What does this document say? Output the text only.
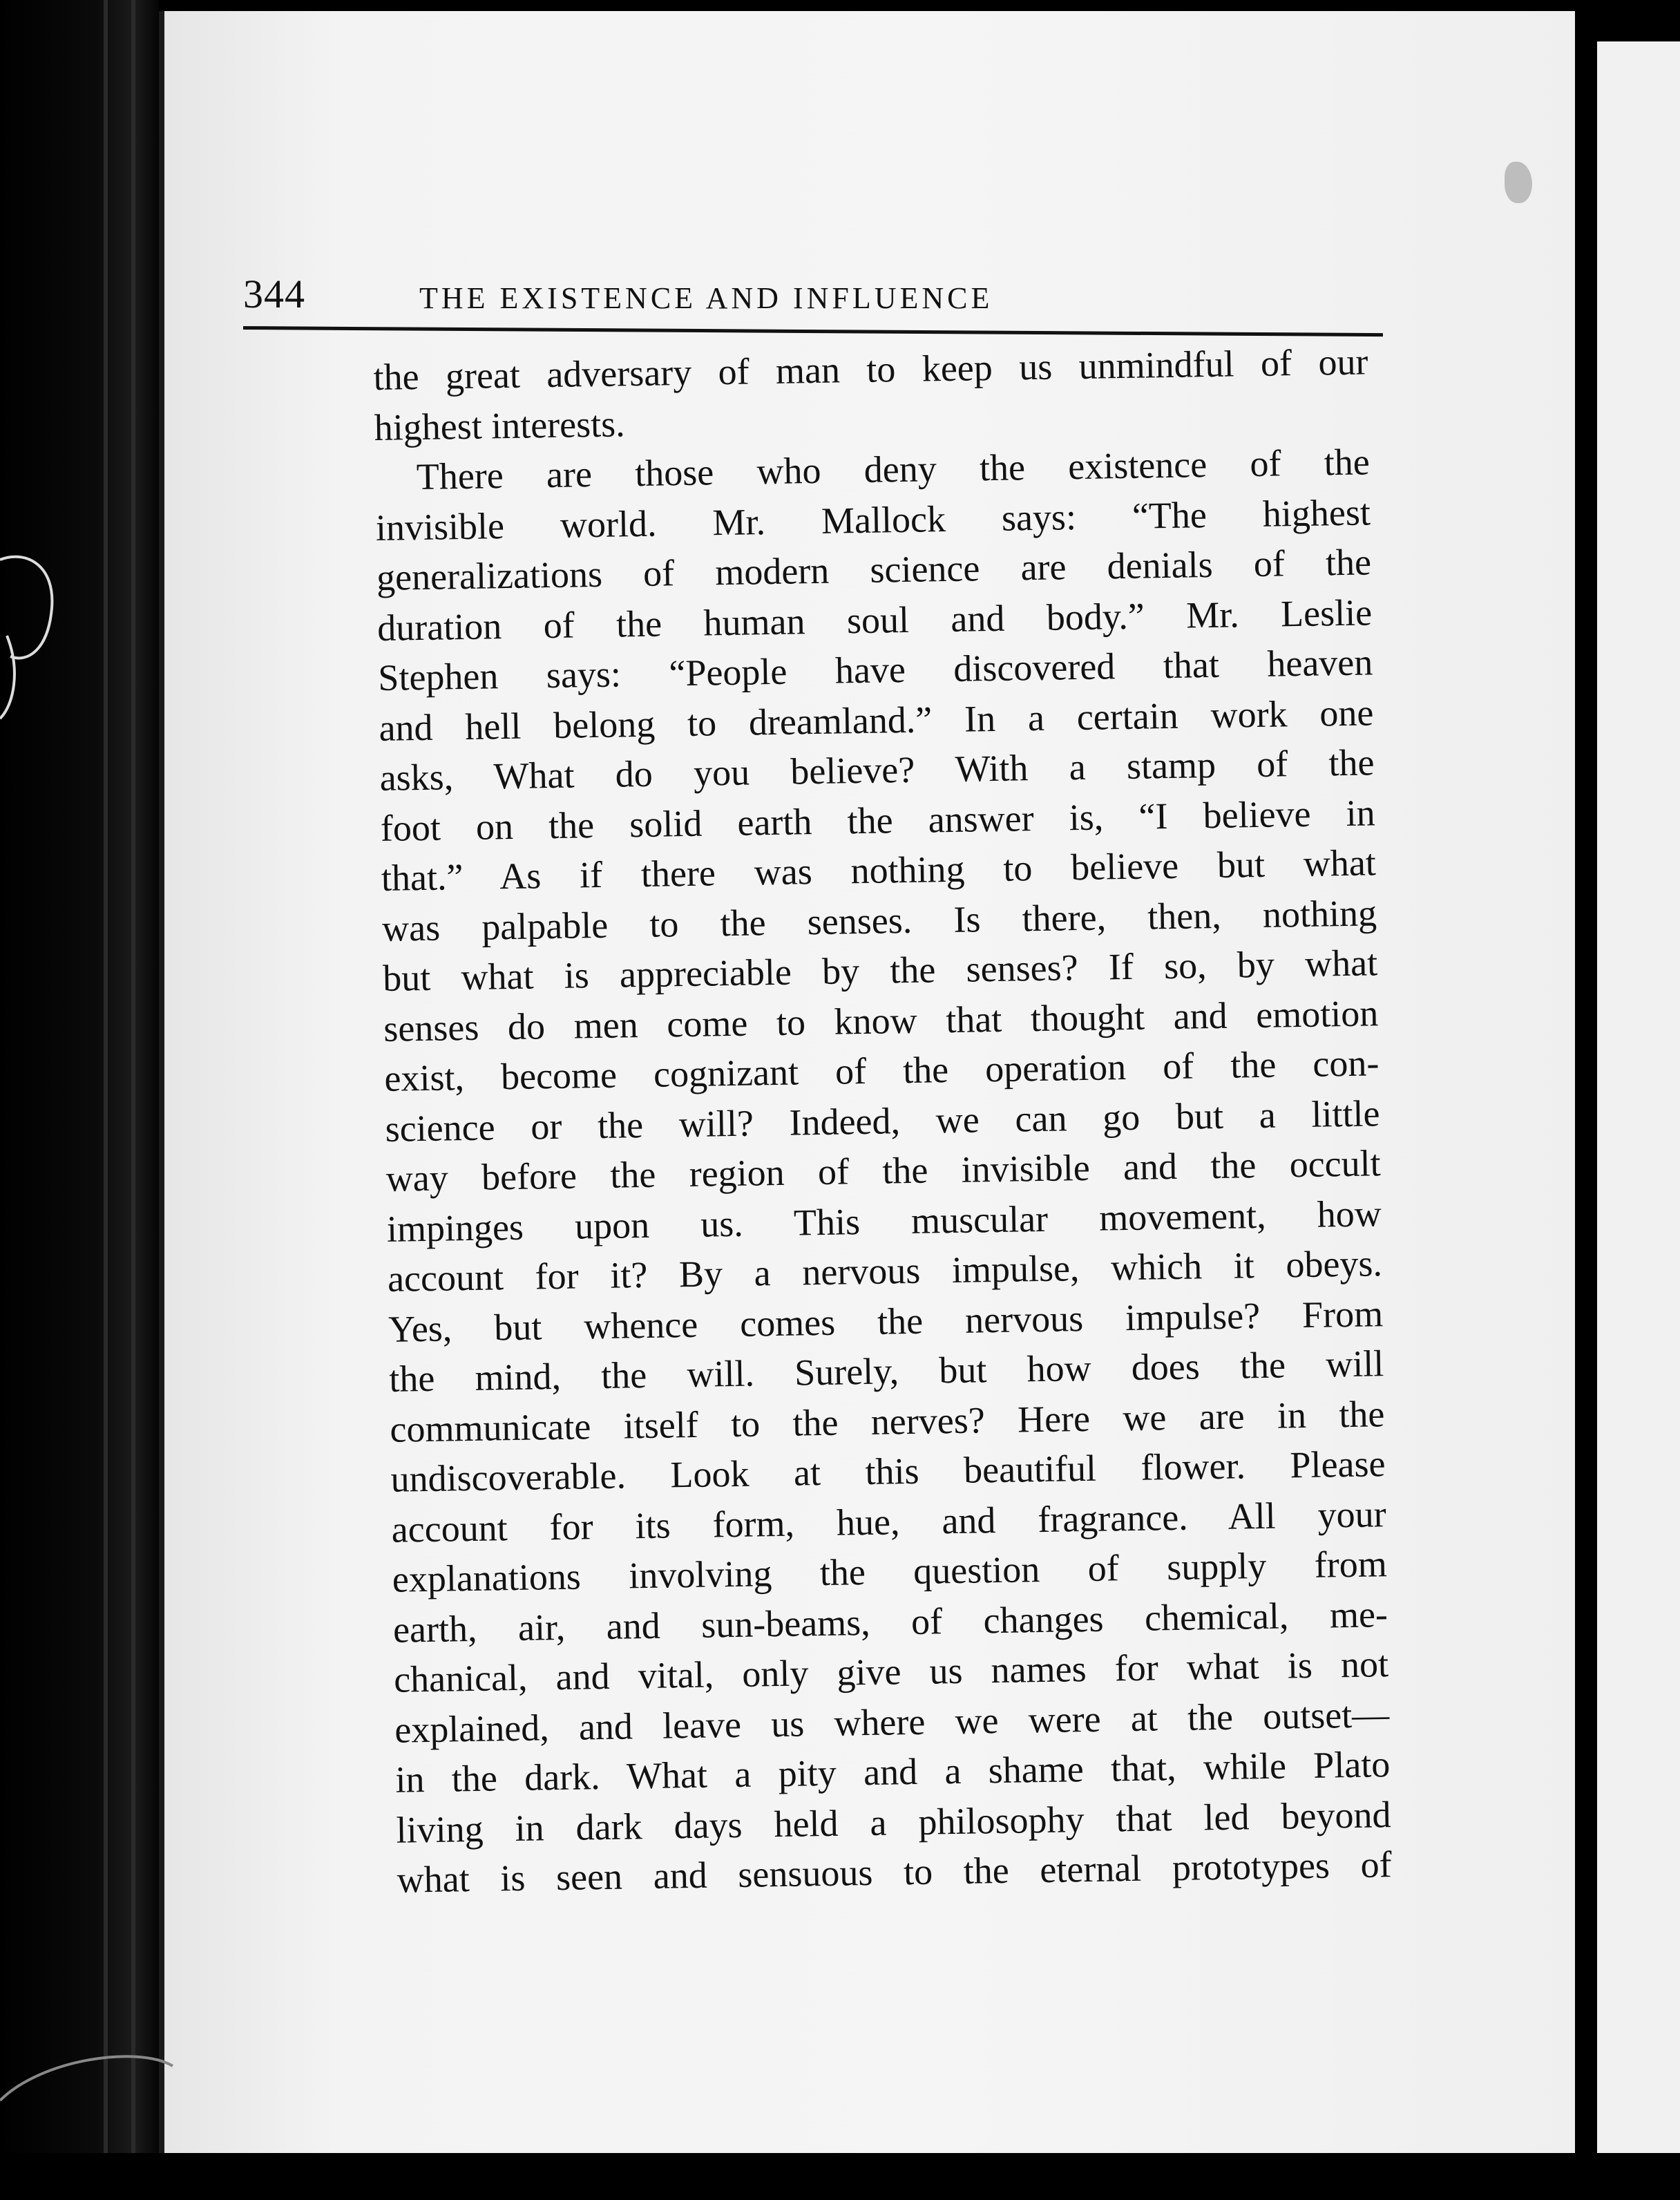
344	THE EXISTENCE AND INFLUENCE
the great adversary of man to keep us unmindful of our
highest interests.
There are those who deny the existence of the
invisible world. Mr. Mallock says: “The highest
generalizations of modern science are denials of the
duration of the human soul and body.” Mr. Leslie
Stephen says: “People have discovered that heaven
and hell belong to dreamland.” In a certain work one
asks, What do you believe? With a stamp of the
foot on the solid earth the answer is, “I believe in
that.” As if there was nothing to believe but what
was palpable to the senses. Is there, then, nothing
but what is appreciable by the senses? If so, by what
senses do men come to know that thought and emotion
exist, become cognizant of the operation of the con-
science or the will? Indeed, we can go but a little
way before the region of the invisible and the occult
impinges upon us. This muscular movement, how
account for it? By a nervous impulse, which it obeys.
Yes, but whence comes the nervous impulse? From
the mind, the will. Surely, but how does the will
communicate itself to the nerves? Here we are in the
undiscoverable. Look at this beautiful flower. Please
account for its form, hue, and fragrance. All your
explanations involving the question of supply from
earth, air, and sun-beams, of changes chemical, me-
chanical, and vital, only give us names for what is not
explained, and leave us where we were at the outset—
in the dark. What a pity and a shame that, while Plato
living in dark days held a philosophy that led beyond
what is seen and sensuous to the eternal prototypes of
